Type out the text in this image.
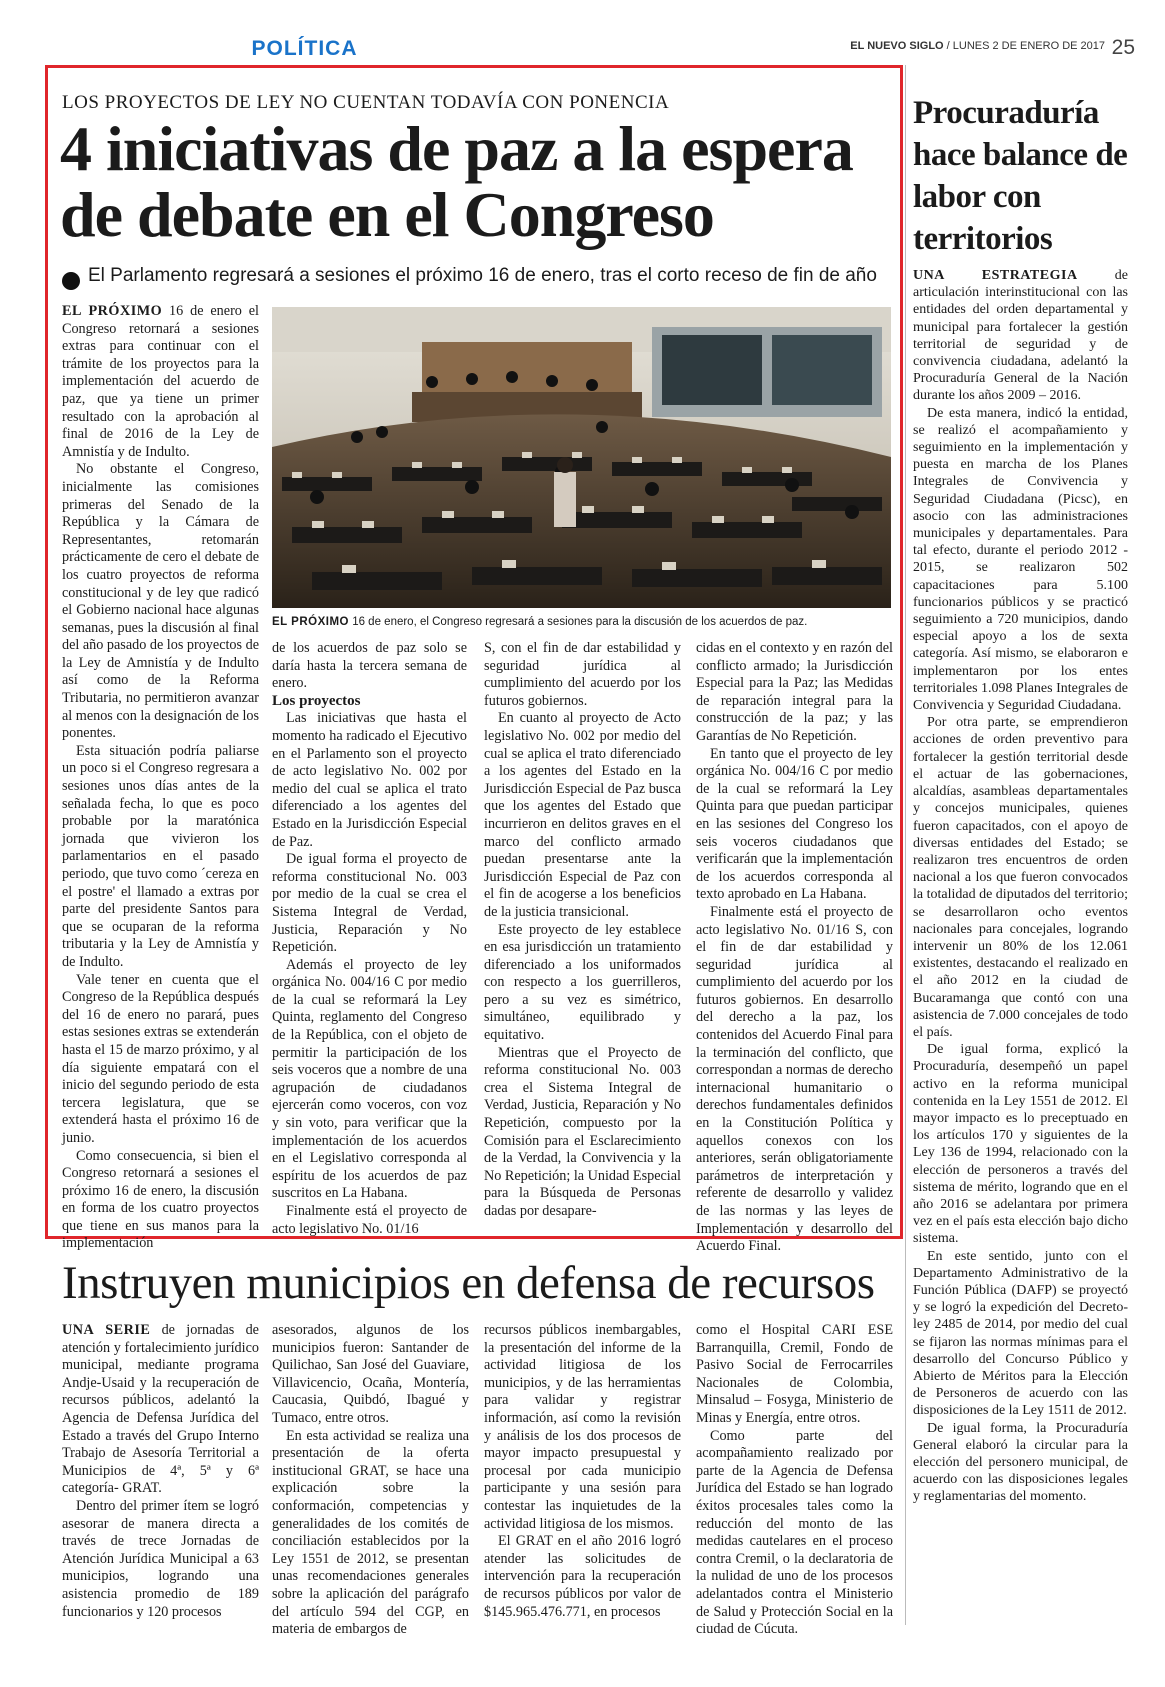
POLÍTICA	EL NUEVO SIGLO / LUNES 2 DE ENERO DE 2017 25
LOS PROYECTOS DE LEY NO CUENTAN TODAVÍA CON PONENCIA
4 iniciativas de paz a la espera
de debate en el Congreso
El Parlamento regresará a sesiones el próximo 16 de enero, tras el corto receso de fin de año

EL PRÓXIMO 16 de enero el Congreso retornará a sesiones extras para continuar con el trámite de los proyectos para la implementación del acuerdo de paz, que ya tiene un primer resultado con la aprobación al final de 2016 de la Ley de Amnistía y de Indulto.

No obstante el Congreso, inicialmente las comisiones primeras del Senado de la República y la Cámara de Representantes, retomarán prácticamente de cero el debate de los cuatro proyectos de reforma constitucional y de ley que radicó el Gobierno nacional hace algunas semanas, pues la discusión al final del año pasado de los proyectos de la Ley de Amnistía y de Indulto así como de la Reforma Tributaria, no permitieron avanzar al menos con la designación de los ponentes.

Esta situación podría paliarse un poco si el Congreso regresara a sesiones unos días antes de la señalada fecha, lo que es poco probable por la maratónica jornada que vivieron los parlamentarios en el pasado periodo, que tuvo como ´cereza en el postre' el llamado a extras por parte del presidente Santos para que se ocuparan de la reforma tributaria y la Ley de Amnistía y de Indulto.

Vale tener en cuenta que el Congreso de la República después del 16 de enero no parará, pues estas sesiones extras se extenderán hasta el 15 de marzo próximo, y al día siguiente empatará con el inicio del segundo periodo de esta tercera legislatura, que se extenderá hasta el próximo 16 de junio.

Como consecuencia, si bien el Congreso retornará a sesiones el próximo 16 de enero, la discusión en forma de los cuatro proyectos que tiene en sus manos para la implementación

EL PRÓXIMO 16 de enero, el Congreso regresará a sesiones para la discusión de los acuerdos de paz.

de los acuerdos de paz solo se daría hasta la tercera semana de enero.

Los proyectos

Las iniciativas que hasta el momento ha radicado el Ejecutivo en el Parlamento son el proyecto de acto legislativo No. 002 por medio del cual se aplica el trato diferenciado a los agentes del Estado en la Jurisdicción Especial de Paz.

De igual forma el proyecto de reforma constitucional No. 003 por medio de la cual se crea el Sistema Integral de Verdad, Justicia, Reparación y No Repetición.

Además el proyecto de ley orgánica No. 004/16 C por medio de la cual se reformará la Ley Quinta, reglamento del Congreso de la República, con el objeto de permitir la participación de los seis voceros que a nombre de una agrupación de ciudadanos ejercerán como voceros, con voz y sin voto, para verificar que la implementación de los acuerdos en el Legislativo corresponda al espíritu de los acuerdos de paz suscritos en La Habana.

Finalmente está el proyecto de acto legislativo No. 01/16

S, con el fin de dar estabilidad y seguridad jurídica al cumplimiento del acuerdo por los futuros gobiernos.

En cuanto al proyecto de Acto legislativo No. 002 por medio del cual se aplica el trato diferenciado a los agentes del Estado en la Jurisdicción Especial de Paz busca que los agentes del Estado que incurrieron en delitos graves en el marco del conflicto armado puedan presentarse ante la Jurisdicción Especial de Paz con el fin de acogerse a los beneficios de la justicia transicional.

Este proyecto de ley establece en esa jurisdicción un tratamiento diferenciado a los uniformados con respecto a los guerrilleros, pero a su vez es simétrico, simultáneo, equilibrado y equitativo.

Mientras que el Proyecto de reforma constitucional No. 003 crea el Sistema Integral de Verdad, Justicia, Reparación y No Repetición, compuesto por la Comisión para el Esclarecimiento de la Verdad, la Convivencia y la No Repetición; la Unidad Especial para la Búsqueda de Personas dadas por desapare-

cidas en el contexto y en razón del conflicto armado; la Jurisdicción Especial para la Paz; las Medidas de reparación integral para la construcción de la paz; y las Garantías de No Repetición.

En tanto que el proyecto de ley orgánica No. 004/16 C por medio de la cual se reformará la Ley Quinta para que puedan participar en las sesiones del Congreso los seis voceros ciudadanos que verificarán que la implementación de los acuerdos corresponda al texto aprobado en La Habana.

Finalmente está el proyecto de acto legislativo No. 01/16 S, con el fin de dar estabilidad y seguridad jurídica al cumplimiento del acuerdo por los futuros gobiernos. En desarrollo del derecho a la paz, los contenidos del Acuerdo Final para la terminación del conflicto, que correspondan a normas de derecho internacional humanitario o derechos fundamentales definidos en la Constitución Política y aquellos conexos con los anteriores, serán obligatoriamente parámetros de interpretación y referente de desarrollo y validez de las normas y las leyes de Implementación y desarrollo del Acuerdo Final.

Procuraduría hace balance de labor con territorios

UNA ESTRATEGIA de articulación interinstitucional con las entidades del orden departamental y municipal para fortalecer la gestión territorial de seguridad y de convivencia ciudadana, adelantó la Procuraduría General de la Nación durante los años 2009 – 2016.

De esta manera, indicó la entidad, se realizó el acompañamiento y seguimiento en la implementación y puesta en marcha de los Planes Integrales de Convivencia y Seguridad Ciudadana (Picsc), en asocio con las administraciones municipales y departamentales. Para tal efecto, durante el periodo 2012 - 2015, se realizaron 502 capacitaciones para 5.100 funcionarios públicos y se practicó seguimiento a 720 municipios, dando especial apoyo a los de sexta categoría. Así mismo, se elaboraron e implementaron por los entes territoriales 1.098 Planes Integrales de Convivencia y Seguridad Ciudadana.

Por otra parte, se emprendieron acciones de orden preventivo para fortalecer la gestión territorial desde el actuar de las gobernaciones, alcaldías, asambleas departamentales y concejos municipales, quienes fueron capacitados, con el apoyo de diversas entidades del Estado; se realizaron tres encuentros de orden nacional a los que fueron convocados la totalidad de diputados del territorio; se desarrollaron ocho eventos nacionales para concejales, logrando intervenir un 80% de los 12.061 existentes, destacando el realizado en el año 2012 en la ciudad de Bucaramanga que contó con una asistencia de 7.000 concejales de todo el país.

De igual forma, explicó la Procuraduría, desempeñó un papel activo en la reforma municipal contenida en la Ley 1551 de 2012. El mayor impacto es lo preceptuado en los artículos 170 y siguientes de la Ley 136 de 1994, relacionado con la elección de personeros a través del sistema de mérito, logrando que en el año 2016 se adelantara por primera vez en el país esta elección bajo dicho sistema.

En este sentido, junto con el Departamento Administrativo de la Función Pública (DAFP) se proyectó y se logró la expedición del Decreto-ley 2485 de 2014, por medio del cual se fijaron las normas mínimas para el desarrollo del Concurso Público y Abierto de Méritos para la Elección de Personeros de acuerdo con las disposiciones de la Ley 1511 de 2012.

De igual forma, la Procuraduría General elaboró la circular para la elección del personero municipal, de acuerdo con las disposiciones legales y reglamentarias del momento.

Instruyen municipios en defensa de recursos

UNA SERIE de jornadas de atención y fortalecimiento jurídico municipal, mediante programa Andje-Usaid y la recuperación de recursos públicos, adelantó la Agencia de Defensa Jurídica del Estado a través del Grupo Interno Trabajo de Asesoría Territorial a Municipios de 4ª, 5ª y 6ª categoría- GRAT.

Dentro del primer ítem se logró asesorar de manera directa a través de trece Jornadas de Atención Jurídica Municipal a 63 municipios, logrando una asistencia promedio de 189 funcionarios y 120 procesos

asesorados, algunos de los municipios fueron: Santander de Quilichao, San José del Guaviare, Villavicencio, Ocaña, Montería, Caucasia, Quibdó, Ibagué y Tumaco, entre otros.

En esta actividad se realiza una presentación de la oferta institucional GRAT, se hace una explicación sobre la conformación, competencias y generalidades de los comités de conciliación establecidos por la Ley 1551 de 2012, se presentan unas recomendaciones generales sobre la aplicación del parágrafo del artículo 594 del CGP, en materia de embargos de

recursos públicos inembargables, la presentación del informe de la actividad litigiosa de los municipios, y de las herramientas para validar y registrar información, así como la revisión y análisis de los dos procesos de mayor impacto presupuestal y procesal por cada municipio participante y una sesión para contestar las inquietudes de la actividad litigiosa de los mismos.

El GRAT en el año 2016 logró atender las solicitudes de intervención para la recuperación de recursos públicos por valor de $145.965.476.771, en procesos

como el Hospital CARI ESE Barranquilla, Cremil, Fondo de Pasivo Social de Ferrocarriles Nacionales de Colombia, Minsalud – Fosyga, Ministerio de Minas y Energía, entre otros.

Como parte del acompañamiento realizado por parte de la Agencia de Defensa Jurídica del Estado se han logrado éxitos procesales tales como la reducción del monto de las medidas cautelares en el proceso contra Cremil, o la declaratoria de la nulidad de uno de los procesos adelantados contra el Ministerio de Salud y Protección Social en la ciudad de Cúcuta.
